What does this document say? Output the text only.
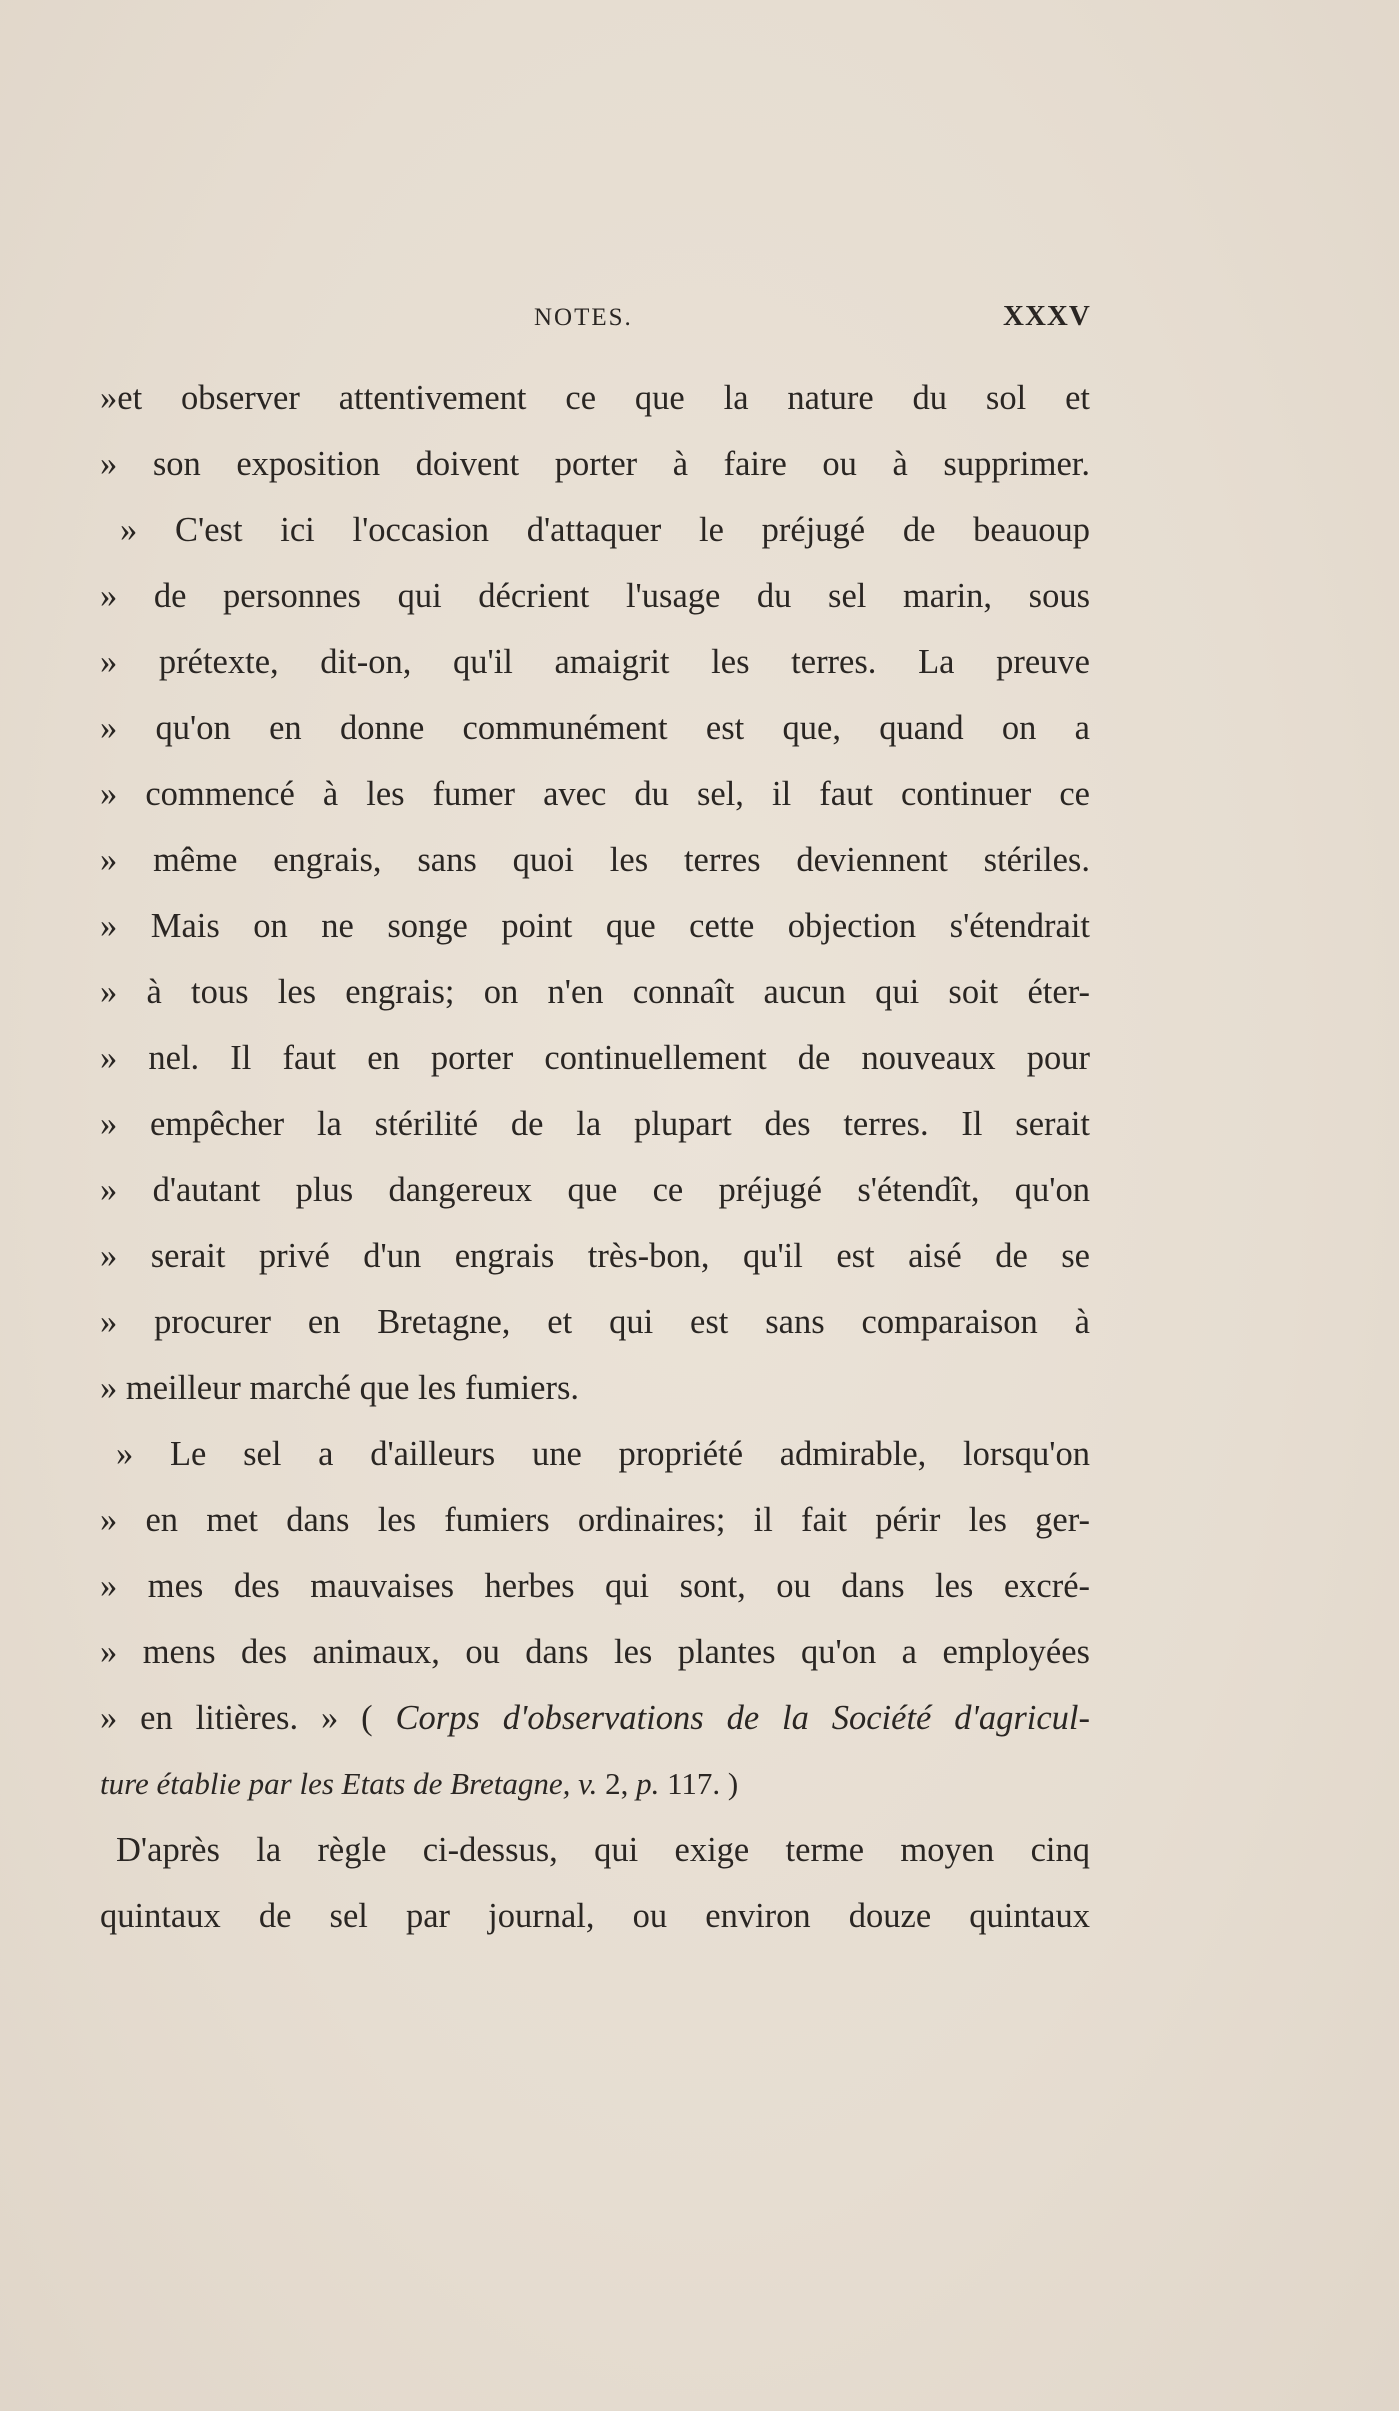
NOTES.	XXXV
»et observer attentivement ce que la nature du sol et
» son exposition doivent porter à faire ou à supprimer.
» C'est ici l'occasion d'attaquer le préjugé de beauoup
» de personnes qui décrient l'usage du sel marin, sous
» prétexte, dit-on, qu'il amaigrit les terres. La preuve
» qu'on en donne communément est que, quand on a
» commencé à les fumer avec du sel, il faut continuer ce
» même engrais, sans quoi les terres deviennent stériles.
» Mais on ne songe point que cette objection s'étendrait
» à tous les engrais; on n'en connaît aucun qui soit éter-
» nel. Il faut en porter continuellement de nouveaux pour
» empêcher la stérilité de la plupart des terres. Il serait
» d'autant plus dangereux que ce préjugé s'étendît, qu'on
» serait privé d'un engrais très-bon, qu'il est aisé de se
» procurer en Bretagne, et qui est sans comparaison à
» meilleur marché que les fumiers.
» Le sel a d'ailleurs une propriété admirable, lorsqu'on
» en met dans les fumiers ordinaires; il fait périr les ger-
» mes des mauvaises herbes qui sont, ou dans les excré-
» mens des animaux, ou dans les plantes qu'on a employées
» en litières. » ( Corps d'observations de la Société d'agricul-
ture établie par les Etats de Bretagne, v. 2, p. 117. )
D'après la règle ci-dessus, qui exige terme moyen cinq
quintaux de sel par journal, ou environ douze quintaux
